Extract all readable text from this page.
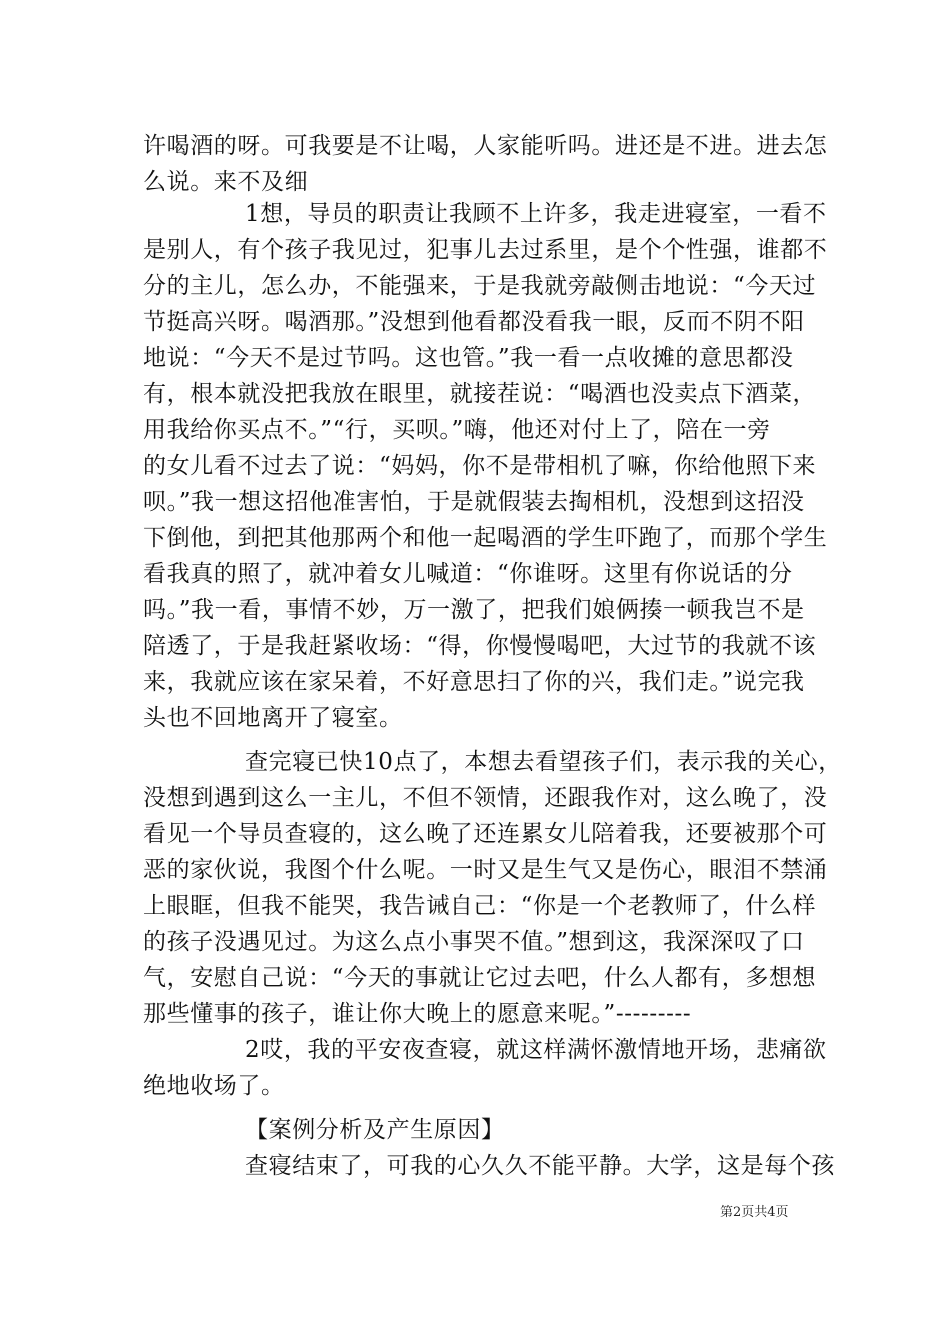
许喝酒的呀。可我要是不让喝，人家能听吗。进还是不进。进去怎
么说。来不及细
1想，导员的职责让我顾不上许多，我走进寝室，一看不
是别人，有个孩子我见过，犯事儿去过系里，是个个性强，谁都不
分的主儿，怎么办，不能强来，于是我就旁敲侧击地说：“今天过
节挺高兴呀。喝酒那。”没想到他看都没看我一眼，反而不阴不阳
地说：“今天不是过节吗。这也管。”我一看一点收摊的意思都没
有，根本就没把我放在眼里，就接茬说：“喝酒也没卖点下酒菜，
用我给你买点不。”“行，买呗。”嗨，他还对付上了，陪在一旁
的女儿看不过去了说：“妈妈，你不是带相机了嘛，你给他照下来
呗。”我一想这招他准害怕，于是就假装去掏相机，没想到这招没
下倒他，到把其他那两个和他一起喝酒的学生吓跑了，而那个学生
看我真的照了，就冲着女儿喊道：“你谁呀。这里有你说话的分
吗。”我一看，事情不妙，万一激了，把我们娘俩揍一顿我岂不是
陪透了，于是我赶紧收场：“得，你慢慢喝吧，大过节的我就不该
来，我就应该在家呆着，不好意思扫了你的兴，我们走。”说完我
头也不回地离开了寝室。
查完寝已快10点了，本想去看望孩子们，表示我的关心，
没想到遇到这么一主儿，不但不领情，还跟我作对，这么晚了，没
看见一个导员查寝的，这么晚了还连累女儿陪着我，还要被那个可
恶的家伙说，我图个什么呢。一时又是生气又是伤心，眼泪不禁涌
上眼眶，但我不能哭，我告诫自己：“你是一个老教师了，什么样
的孩子没遇见过。为这么点小事哭不值。”想到这，我深深叹了口
气，安慰自己说：“今天的事就让它过去吧，什么人都有，多想想
那些懂事的孩子，谁让你大晚上的愿意来呢。”---------
2哎，我的平安夜查寝，就这样满怀激情地开场，悲痛欲
绝地收场了。
【案例分析及产生原因】
查寝结束了，可我的心久久不能平静。大学，这是每个孩
第2页共4页
